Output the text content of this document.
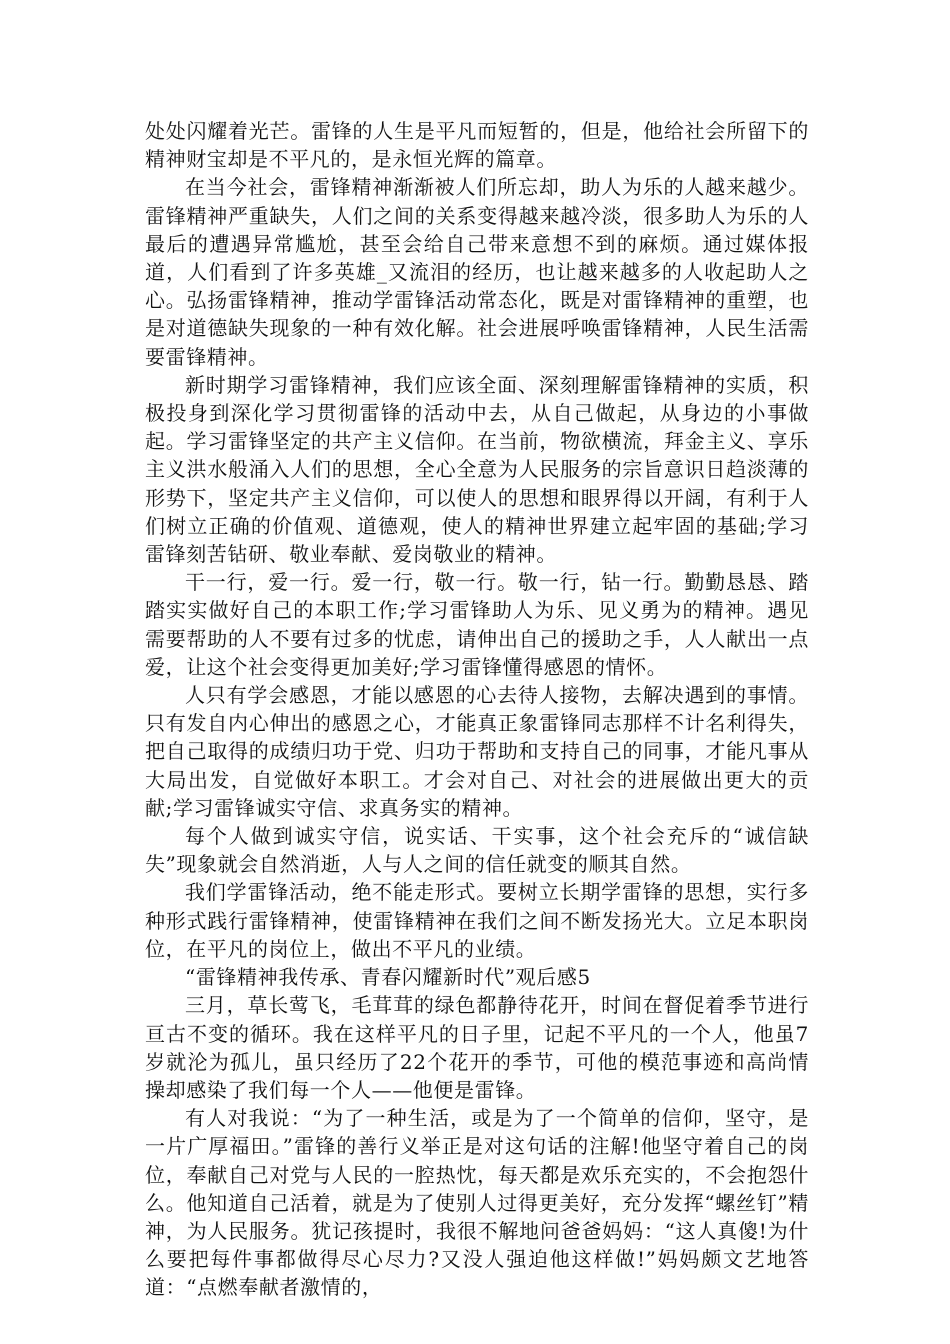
处处闪耀着光芒。雷锋的人生是平凡而短暂的，但是，他给社会所留下的精神财宝却是不平凡的，是永恒光辉的篇章。

在当今社会，雷锋精神渐渐被人们所忘却，助人为乐的人越来越少。雷锋精神严重缺失，人们之间的关系变得越来越冷淡，很多助人为乐的人最后的遭遇异常尴尬，甚至会给自己带来意想不到的麻烦。通过媒体报道，人们看到了许多英雄_又流泪的经历，也让越来越多的人收起助人之心。弘扬雷锋精神，推动学雷锋活动常态化，既是对雷锋精神的重塑，也是对道德缺失现象的一种有效化解。社会进展呼唤雷锋精神，人民生活需要雷锋精神。

新时期学习雷锋精神，我们应该全面、深刻理解雷锋精神的实质，积极投身到深化学习贯彻雷锋的活动中去，从自己做起，从身边的小事做起。学习雷锋坚定的共产主义信仰。在当前，物欲横流，拜金主义、享乐主义洪水般涌入人们的思想，全心全意为人民服务的宗旨意识日趋淡薄的形势下，坚定共产主义信仰，可以使人的思想和眼界得以开阔，有利于人们树立正确的价值观、道德观，使人的精神世界建立起牢固的基础;学习雷锋刻苦钻研、敬业奉献、爱岗敬业的精神。

干一行，爱一行。爱一行，敬一行。敬一行，钻一行。勤勤恳恳、踏踏实实做好自己的本职工作;学习雷锋助人为乐、见义勇为的精神。遇见需要帮助的人不要有过多的忧虑，请伸出自己的援助之手，人人献出一点爱，让这个社会变得更加美好;学习雷锋懂得感恩的情怀。

人只有学会感恩，才能以感恩的心去待人接物，去解决遇到的事情。只有发自内心伸出的感恩之心，才能真正象雷锋同志那样不计名利得失，把自己取得的成绩归功于党、归功于帮助和支持自己的同事，才能凡事从大局出发，自觉做好本职工。才会对自己、对社会的进展做出更大的贡献;学习雷锋诚实守信、求真务实的精神。

每个人做到诚实守信，说实话、干实事，这个社会充斥的“诚信缺失”现象就会自然消逝，人与人之间的信任就变的顺其自然。

我们学雷锋活动，绝不能走形式。要树立长期学雷锋的思想，实行多种形式践行雷锋精神，使雷锋精神在我们之间不断发扬光大。立足本职岗位，在平凡的岗位上，做出不平凡的业绩。

“雷锋精神我传承、青春闪耀新时代”观后感5

三月，草长莺飞，毛茸茸的绿色都静待花开，时间在督促着季节进行亘古不变的循环。我在这样平凡的日子里，记起不平凡的一个人，他虽7岁就沦为孤儿，虽只经历了22个花开的季节，可他的模范事迹和高尚情操却感染了我们每一个人——他便是雷锋。

有人对我说：“为了一种生活，或是为了一个简单的信仰，坚守，是一片广厚福田。”雷锋的善行义举正是对这句话的注解!他坚守着自己的岗位，奉献自己对党与人民的一腔热忱，每天都是欢乐充实的，不会抱怨什么。他知道自己活着，就是为了使别人过得更美好，充分发挥“螺丝钉”精神，为人民服务。犹记孩提时，我很不解地问爸爸妈妈：“这人真傻!为什么要把每件事都做得尽心尽力?又没人强迫他这样做!”妈妈颇文艺地答道：“点燃奉献者激情的，
